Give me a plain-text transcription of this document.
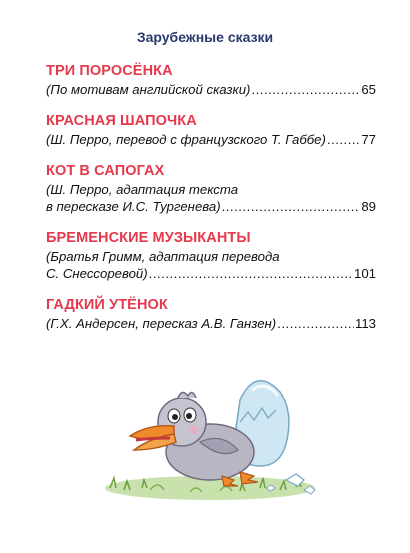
Зарубежные сказки
ТРИ ПОРОСЁНКА
(По мотивам английской сказки) .....	65
КРАСНАЯ ШАПОЧКА
(Ш. Перро, перевод с французского Т. Габбе) .....	77
КОТ В САПОГАХ
(Ш. Перро, адаптация текста
в пересказе И.С. Тургенева) .....	89
БРЕМЕНСКИЕ МУЗЫКАНТЫ
(Братья Гримм, адаптация перевода
С. Снессоревой) .....	101
ГАДКИЙ УТЁНОК
(Г.Х. Андерсен, пересказ А.В. Ганзен) .....	113
